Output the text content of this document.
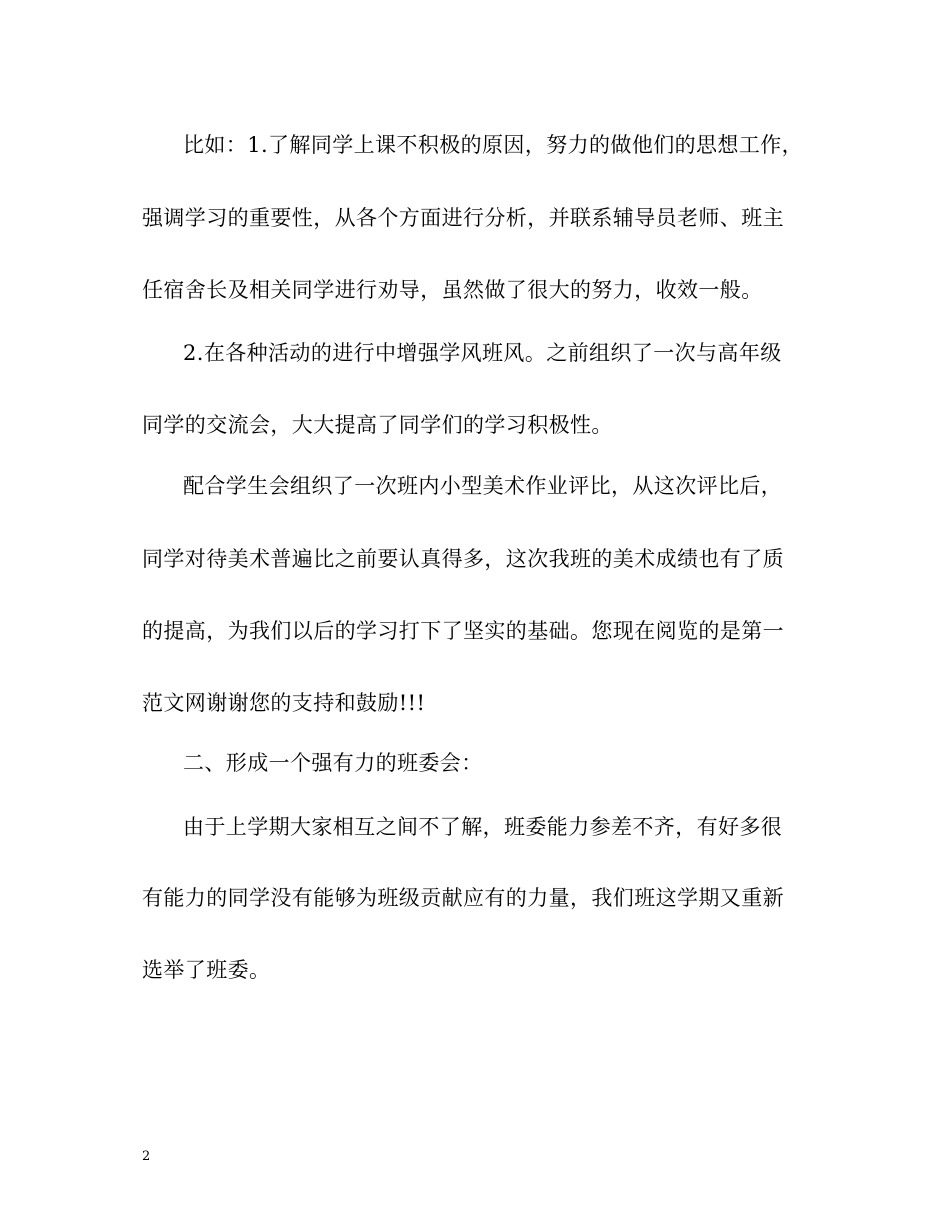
比如：1.了解同学上课不积极的原因，努力的做他们的思想工作，
强调学习的重要性，从各个方面进行分析，并联系辅导员老师、班主
任宿舍长及相关同学进行劝导，虽然做了很大的努力，收效一般。
2.在各种活动的进行中增强学风班风。之前组织了一次与高年级
同学的交流会，大大提高了同学们的学习积极性。
配合学生会组织了一次班内小型美术作业评比，从这次评比后，
同学对待美术普遍比之前要认真得多，这次我班的美术成绩也有了质
的提高，为我们以后的学习打下了坚实的基础。您现在阅览的是第一
范文网谢谢您的支持和鼓励!!!
二、形成一个强有力的班委会：
由于上学期大家相互之间不了解，班委能力参差不齐，有好多很
有能力的同学没有能够为班级贡献应有的力量，我们班这学期又重新
选举了班委。
2
